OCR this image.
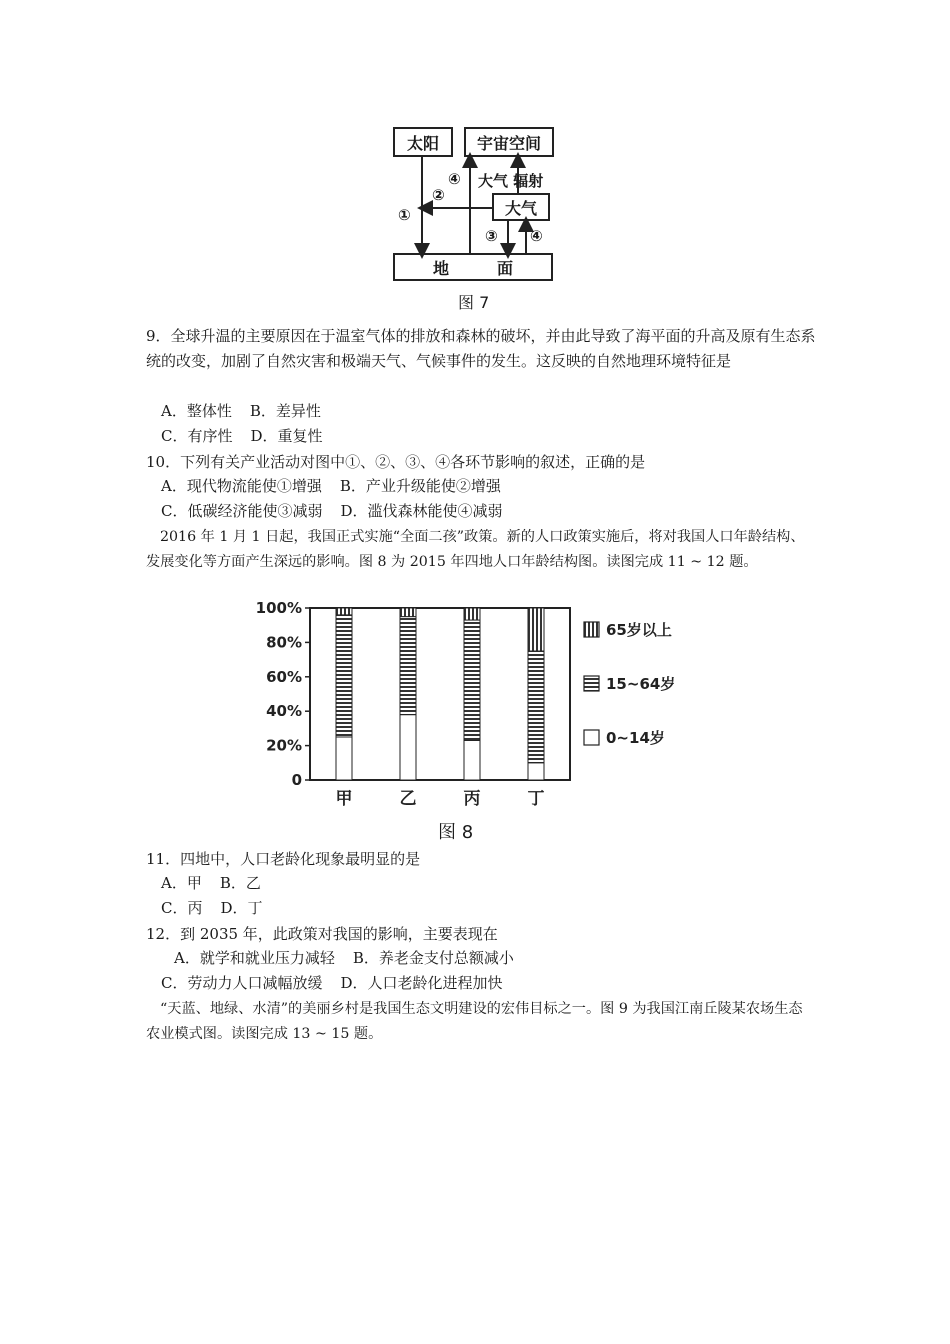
太阳	宇宙空间
大气
地　　　面
①
②
④ 大气 辐射
③ ④
图 7
9．全球升温的主要原因在于温室气体的排放和森林的破坏，并由此导致了海平面的升高及原有生态系统的改变，加剧了自然灾害和极端天气、气候事件的发生。这反映的自然地理环境特征是
A．整体性 B．差异性
C．有序性 D．重复性
10．下列有关产业活动对图中①、②、③、④各环节影响的叙述，正确的是
A．现代物流能使①增强 B．产业升级能使②增强
C．低碳经济能使③减弱 D．滥伐森林能使④减弱
2016 年 1 月 1 日起，我国正式实施“全面二孩”政策。新的人口政策实施后，将对我国人口年龄结构、发展变化等方面产生深远的影响。图 8 为 2015 年四地人口年龄结构图。读图完成 11 ~ 12 题。
0
20%
40%
60%
80%
100%
甲	乙	丙	丁
65岁以上
15~64岁
0~14岁
图 8
11．四地中，人口老龄化现象最明显的是
A．甲 B．乙
C．丙 D．丁
12．到 2035 年，此政策对我国的影响，主要表现在
A．就学和就业压力减轻 B．养老金支付总额减小
C．劳动力人口减幅放缓 D．人口老龄化进程加快
“天蓝、地绿、水清”的美丽乡村是我国生态文明建设的宏伟目标之一。图 9 为我国江南丘陵某农场生态农业模式图。读图完成 13 ~ 15 题。
